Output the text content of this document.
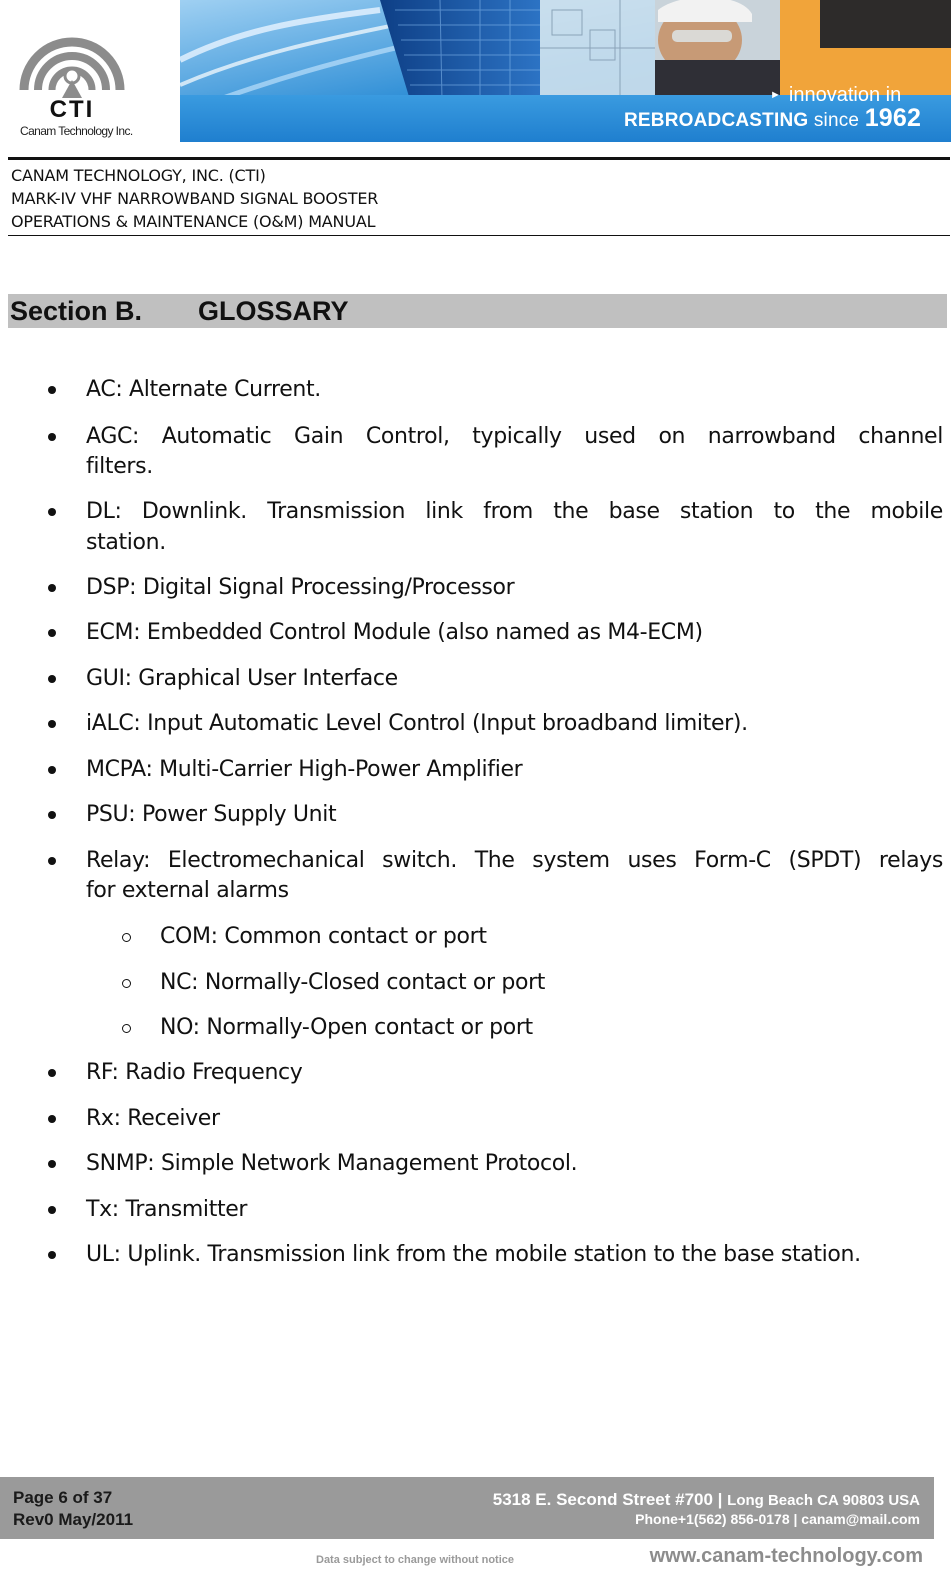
CTI
Canam Technology Inc.
► innovation in
REBROADCASTING since 1962
CANAM TECHNOLOGY, INC. (CTI)
MARK-IV VHF NARROWBAND SIGNAL BOOSTER
OPERATIONS & MAINTENANCE (O&M) MANUAL
Section B. GLOSSARY
AC: Alternate Current.
AGC: Automatic Gain Control, typically used on narrowband channel
filters.
DL: Downlink. Transmission link from the base station to the mobile
station.
DSP: Digital Signal Processing/Processor
ECM: Embedded Control Module (also named as M4-ECM)
GUI: Graphical User Interface
iALC: Input Automatic Level Control (Input broadband limiter).
MCPA: Multi-Carrier High-Power Amplifier
PSU: Power Supply Unit
Relay: Electromechanical switch. The system uses Form-C (SPDT) relays
for external alarms
COM: Common contact or port
NC: Normally-Closed contact or port
NO: Normally-Open contact or port
RF: Radio Frequency
Rx: Receiver
SNMP: Simple Network Management Protocol.
Tx: Transmitter
UL: Uplink. Transmission link from the mobile station to the base station.
Page 6 of 37
Rev0 May/2011
5318 E. Second Street #700 | Long Beach CA 90803 USA
Phone+1(562) 856-0178 | canam@mail.com
Data subject to change without notice	www.canam-technology.com
